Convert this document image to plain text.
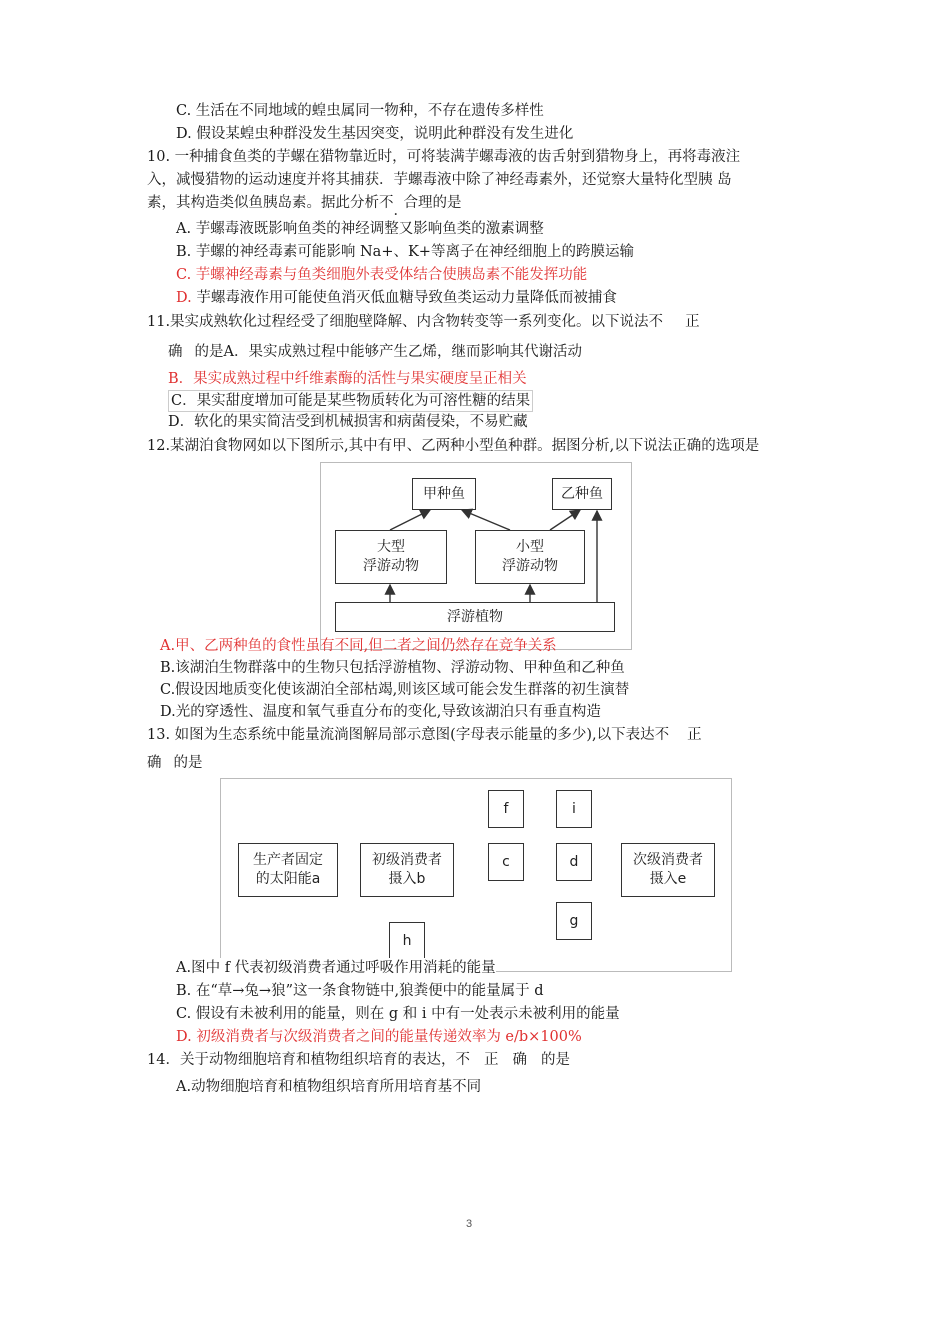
C. 生活在不同地域的蝗虫属同一物种，不存在遗传多样性
D. 假设某蝗虫种群没发生基因突变，说明此种群没有发生进化
10. 一种捕食鱼类的芋螺在猎物靠近时，可将装满芋螺毒液的齿舌射到猎物身上，再将毒液注
入，减慢猎物的运动速度并将其捕获．芋螺毒液中除了神经毒素外，还觉察大量特化型胰 岛
素，其构造类似鱼胰岛素。据此分析不．合理的是
A. 芋螺毒液既影响鱼类的神经调整又影响鱼类的激素调整
B. 芋螺的神经毒素可能影响 Na+、K+等离子在神经细胞上的跨膜运输
C. 芋螺神经毒素与鱼类细胞外表受体结合使胰岛素不能发挥功能
D. 芋螺毒液作用可能使鱼消灭低血糖导致鱼类运动力量降低而被捕食
11.果实成熟软化过程经受了细胞壁降解、内含物转变等一系列变化。以下说法不 正
确 的是A．果实成熟过程中能够产生乙烯，继而影响其代谢活动
B．果实成熟过程中纤维素酶的活性与果实硬度呈正相关
C．果实甜度增加可能是某些物质转化为可溶性糖的结果
D．软化的果实简洁受到机械损害和病菌侵染，不易贮藏
12.某湖泊食物网如以下图所示,其中有甲、乙两种小型鱼种群。据图分析,以下说法正确的选项是
甲种鱼	乙种鱼
大型
浮游动物
小型
浮游动物
浮游植物
A.甲、乙两种鱼的食性虽有不同,但二者之间仍然存在竞争关系
B.该湖泊生物群落中的生物只包括浮游植物、浮游动物、甲种鱼和乙种鱼
C.假设因地质变化使该湖泊全部枯竭,则该区域可能会发生群落的初生演替
D.光的穿透性、温度和氧气垂直分布的变化,导致该湖泊只有垂直构造
13. 如图为生态系统中能量流淌图解局部示意图(字母表示能量的多少),以下表达不 正
确 的是
生产者固定
的太阳能a
初级消费者
摄入b
c	d	次级消费者
摄入e
f	i
g
h
A.图中 f 代表初级消费者通过呼吸作用消耗的能量
B. 在“草→兔→狼”这一条食物链中,狼粪便中的能量属于 d
C. 假设有未被利用的能量，则在 g 和 i 中有一处表示未被利用的能量
D. 初级消费者与次级消费者之间的能量传递效率为 e/b×100%
14．关于动物细胞培育和植物组织培育的表达，不 正 确 的是
A.动物细胞培育和植物组织培育所用培育基不同
3
